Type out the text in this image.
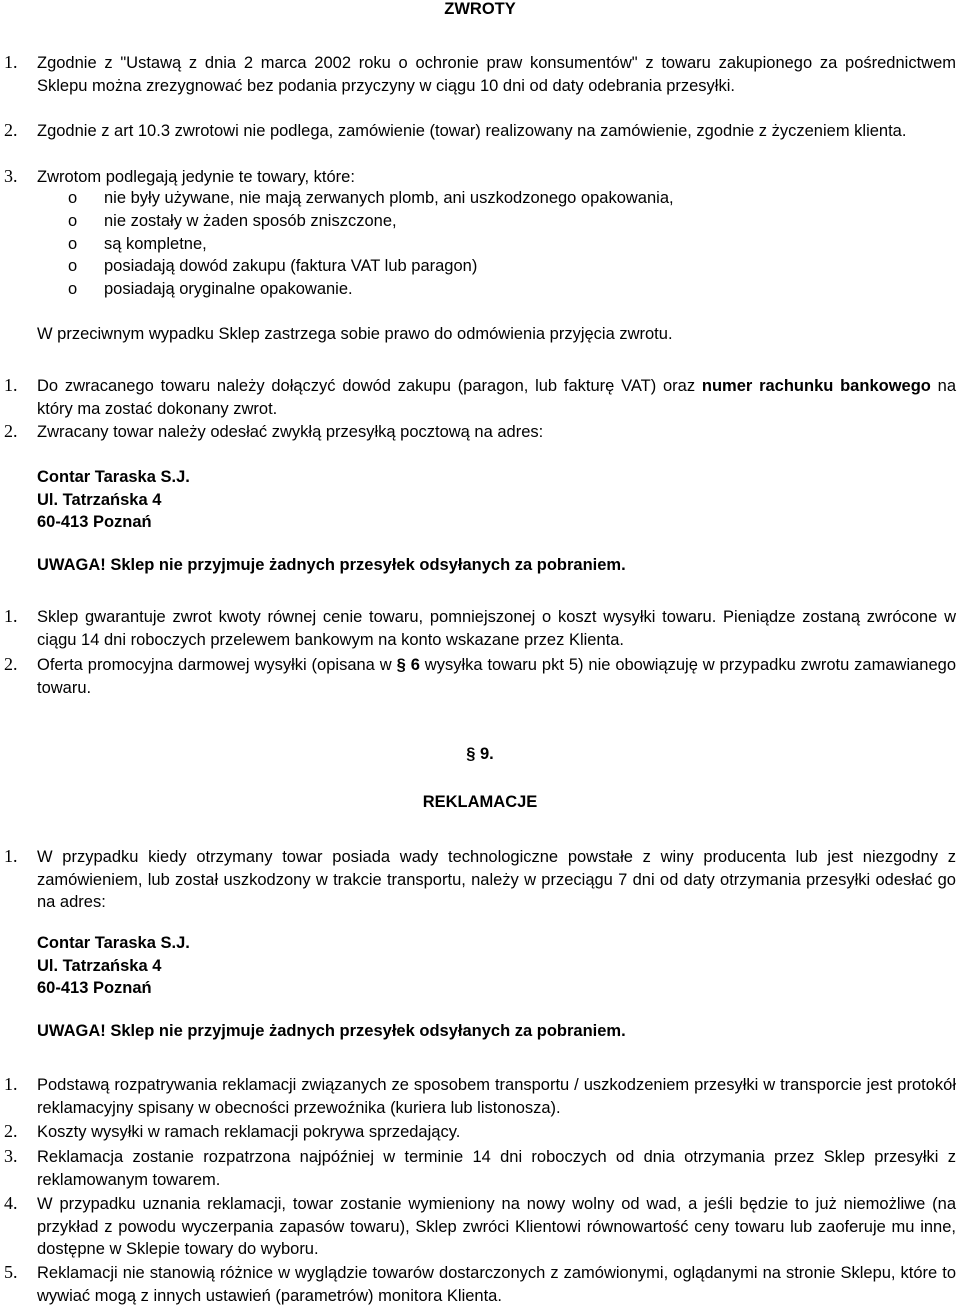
ZWROTY
1. Zgodnie z "Ustawą z dnia 2 marca 2002 roku o ochronie praw konsumentów" z towaru zakupionego za pośrednictwem Sklepu można zrezygnować bez podania przyczyny w ciągu 10 dni od daty odebrania przesyłki.
2. Zgodnie z art 10.3 zwrotowi nie podlega, zamówienie (towar) realizowany na zamówienie, zgodnie z życzeniem klienta.
3. Zwrotom podlegają jedynie te towary, które:
o nie były używane, nie mają zerwanych plomb, ani uszkodzonego opakowania,
o nie zostały w żaden sposób zniszczone,
o są kompletne,
o posiadają dowód zakupu (faktura VAT lub paragon)
o posiadają oryginalne opakowanie.
W przeciwnym wypadku Sklep zastrzega sobie prawo do odmówienia przyjęcia zwrotu.
1. Do zwracanego towaru należy dołączyć dowód zakupu (paragon, lub fakturę VAT) oraz numer rachunku bankowego na który ma zostać dokonany zwrot.
2. Zwracany towar należy odesłać zwykłą przesyłką pocztową na adres:
Contar Taraska S.J.
Ul. Tatrzańska 4
60-413 Poznań
UWAGA! Sklep nie przyjmuje żadnych przesyłek odsyłanych za pobraniem.
1. Sklep gwarantuje zwrot kwoty równej cenie towaru, pomniejszonej o koszt wysyłki towaru. Pieniądze zostaną zwrócone w ciągu 14 dni roboczych przelewem bankowym na konto wskazane przez Klienta.
2. Oferta promocyjna darmowej wysyłki (opisana w § 6 wysyłka towaru pkt 5) nie obowiązuję w przypadku zwrotu zamawianego towaru.
§ 9.
REKLAMACJE
1. W przypadku kiedy otrzymany towar posiada wady technologiczne powstałe z winy producenta lub jest niezgodny z zamówieniem, lub został uszkodzony w trakcie transportu, należy w przeciągu 7 dni od daty otrzymania przesyłki odesłać go na adres:
Contar Taraska S.J.
Ul. Tatrzańska 4
60-413 Poznań
UWAGA! Sklep nie przyjmuje żadnych przesyłek odsyłanych za pobraniem.
1. Podstawą rozpatrywania reklamacji związanych ze sposobem transportu / uszkodzeniem przesyłki w transporcie jest protokół reklamacyjny spisany w obecności przewoźnika (kuriera lub listonosza).
2. Koszty wysyłki w ramach reklamacji pokrywa sprzedający.
3. Reklamacja zostanie rozpatrzona najpóźniej w terminie 14 dni roboczych od dnia otrzymania przez Sklep przesyłki z reklamowanym towarem.
4. W przypadku uznania reklamacji, towar zostanie wymieniony na nowy wolny od wad, a jeśli będzie to już niemożliwe (na przykład z powodu wyczerpania zapasów towaru), Sklep zwróci Klientowi równowartość ceny towaru lub zaoferuje mu inne, dostępne w Sklepie towary do wyboru.
5. Reklamacji nie stanowią różnice w wyglądzie towarów dostarczonych z zamówionymi, oglądanymi na stronie Sklepu, które to wywiać mogą z innych ustawień (parametrów) monitora Klienta.
